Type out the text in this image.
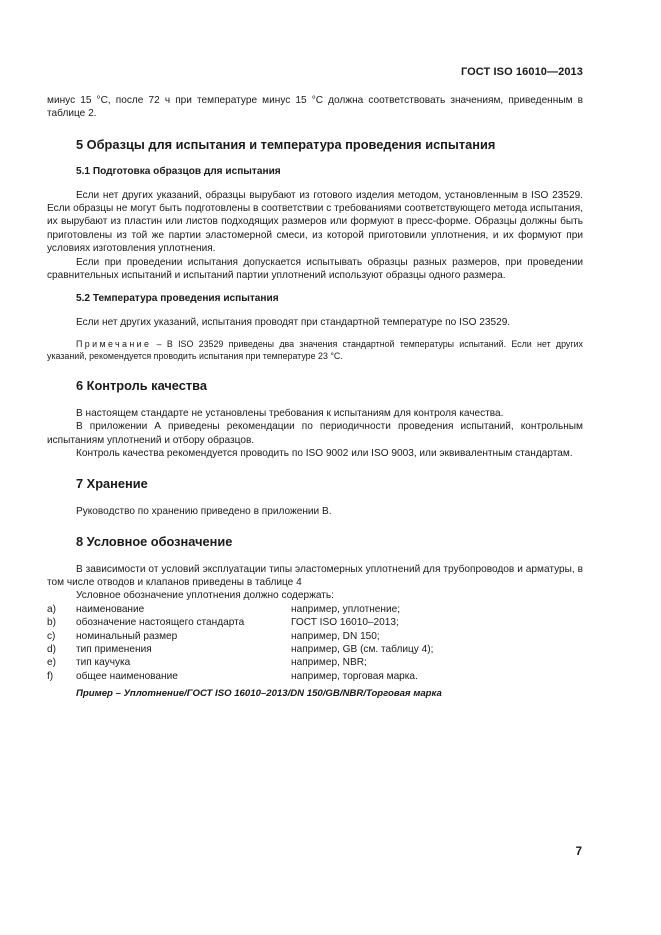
ГОСТ ISO 16010—2013

минус 15 °С, после 72 ч при температуре минус 15 °С должна соответствовать значениям, приведенным в таблице 2.

5 Образцы для испытания и температура проведения испытания
5.1 Подготовка образцов для испытания

Если нет других указаний, образцы вырубают из готового изделия методом, установленным в ISO 23529. Если образцы не могут быть подготовлены в соответствии с требованиями соответствующего метода испытания, их вырубают из пластин или листов подходящих размеров или формуют в пресс-форме. Образцы должны быть приготовлены из той же партии эластомерной смеси, из которой приготовили уплотнения, и их формуют при условиях изготовления уплотнения.

Если при проведении испытания допускается испытывать образцы разных размеров, при проведении сравнительных испытаний и испытаний партии уплотнений используют образцы одного размера.

5.2 Температура проведения испытания

Если нет других указаний, испытания проводят при стандартной температуре по ISO 23529.

Примечание – В ISO 23529 приведены два значения стандартной температуры испытаний. Если нет других указаний, рекомендуется проводить испытания при температуре 23 °С.

6 Контроль качества

В настоящем стандарте не установлены требования к испытаниям для контроля качества.

В приложении А приведены рекомендации по периодичности проведения испытаний, контрольным испытаниям уплотнений и отбору образцов.

Контроль качества рекомендуется проводить по ISO 9002 или ISO 9003, или эквивалентным стандартам.

7 Хранение

Руководство по хранению приведено в приложении В.

8 Условное обозначение

В зависимости от условий эксплуатации типы эластомерных уплотнений для трубопроводов и арматуры, в том числе отводов и клапанов приведены в таблице 4

Условное обозначение уплотнения должно содержать:

а)	наименование	например, уплотнение;
b)	обозначение настоящего стандарта	ГОСТ ISO 16010–2013;
с)	номинальный размер	например, DN 150;
d)	тип применения	например, GB (см. таблицу 4);
е)	тип каучука	например, NBR;
f)	общее наименование	например, торговая марка.

Пример – Уплотнение/ГОСТ ISO 16010–2013/DN 150/GB/NBR/Торговая марка

7
